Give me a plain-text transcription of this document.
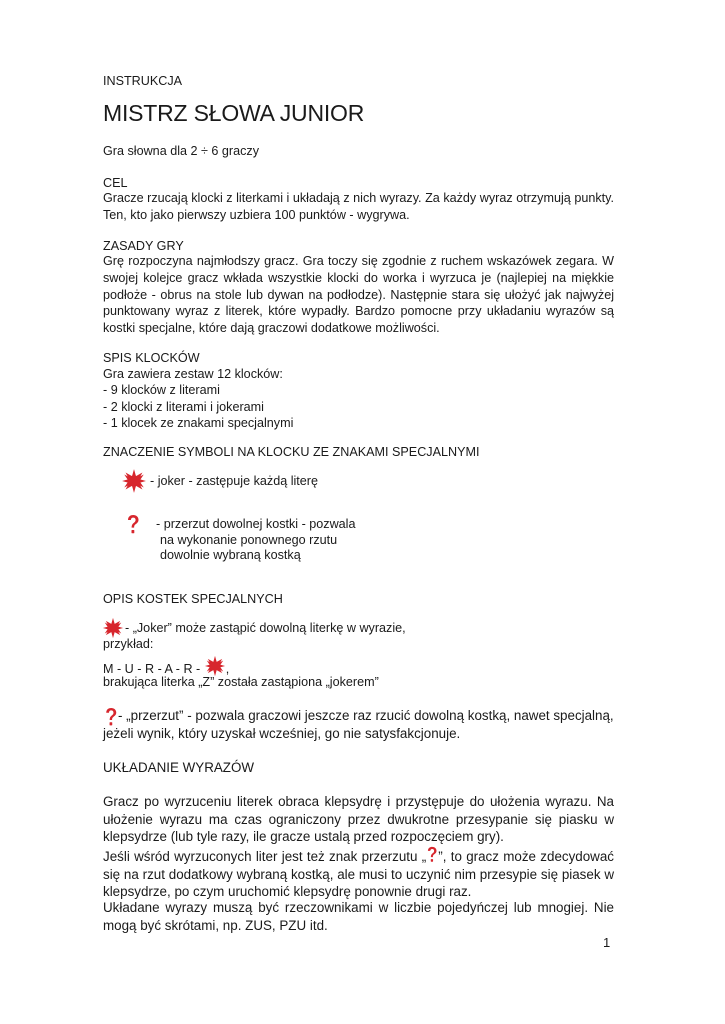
INSTRUKCJA

MISTRZ SŁOWA JUNIOR

Gra słowna dla 2 ÷ 6 graczy

CEL

Gracze rzucają klocki z literkami i układają z nich wyrazy. Za każdy wyraz otrzymują punkty. Ten, kto jako pierwszy uzbiera 100 punktów - wygrywa.

ZASADY GRY

Grę rozpoczyna najmłodszy gracz. Gra toczy się zgodnie z ruchem wskazówek zegara. W swojej kolejce gracz wkłada wszystkie klocki do worka i wyrzuca je (najlepiej na miękkie podłoże - obrus na stole lub dywan na podłodze). Następnie stara się ułożyć jak najwyżej punktowany wyraz z literek, które wypadły. Bardzo pomocne przy układaniu wyrazów są kostki specjalne, które dają graczowi dodatkowe możliwości.

SPIS KLOCKÓW

Gra zawiera zestaw 12 klocków:

- 9 klocków z literami
- 2 klocki z literami i jokerami
- 1 klocek ze znakami specjalnymi

ZNACZENIE SYMBOLI NA KLOCKU ZE ZNAKAMI SPECJALNYMI

- joker - zastępuje każdą literę

- przerzut dowolnej kostki - pozwala

na wykonanie ponownego rzutu

dowolnie wybraną kostką

OPIS KOSTEK SPECJALNYCH

- „Joker” może zastąpić dowolną literkę w wyrazie,

przykład:

M - U - R - A - R - ,

brakująca literka „Z” została zastąpiona „jokerem”

- „przerzut” - pozwala graczowi jeszcze raz rzucić dowolną kostką, nawet specjalną,

jeżeli wynik, który uzyskał wcześniej, go nie satysfakcjonuje.

UKŁADANIE WYRAZÓW

Gracz po wyrzuceniu literek obraca klepsydrę i przystępuje do ułożenia wyrazu. Na ułożenie wyrazu ma czas ograniczony przez dwukrotne przesypanie się piasku w klepsydrze (lub tyle razy, ile gracze ustalą przed rozpoczęciem gry).

Jeśli wśród wyrzuconych liter jest też znak przerzutu „ ”, to gracz może zdecydować się na rzut dodatkowy wybraną kostką, ale musi to uczynić nim przesypie się piasek w klepsydrze, po czym uruchomić klepsydrę ponownie drugi raz.

Układane wyrazy muszą być rzeczownikami w liczbie pojedyńczej lub mnogiej. Nie mogą być skrótami, np. ZUS, PZU itd.

1
